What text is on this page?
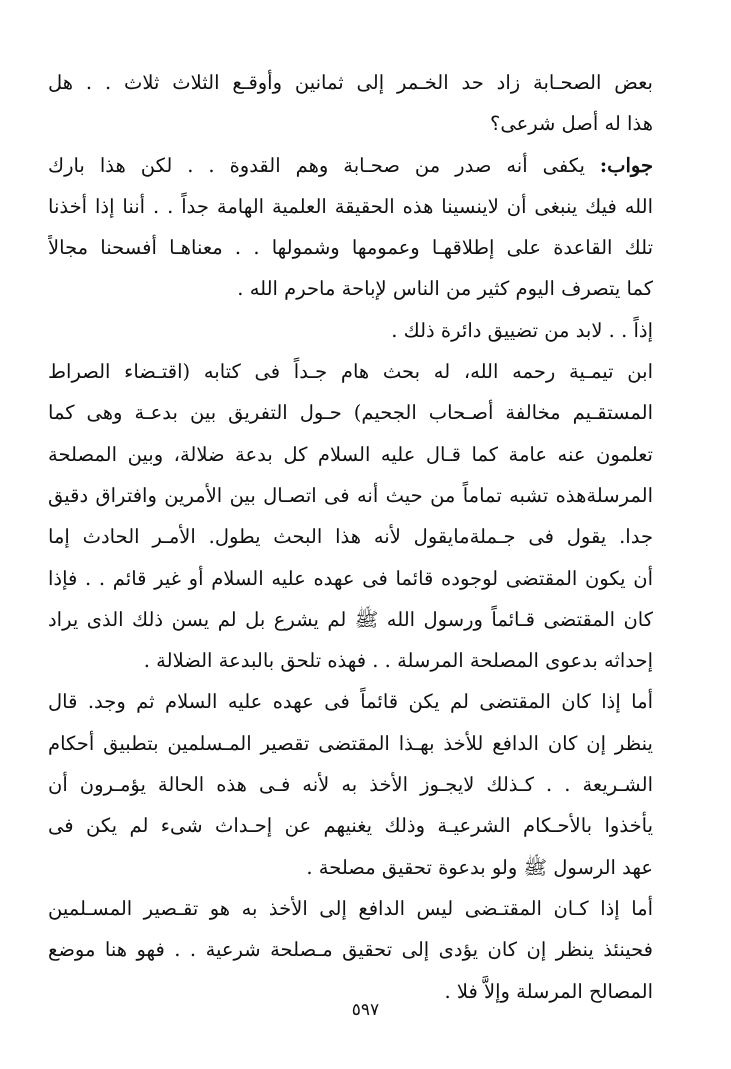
بعض الصحـابة زاد حد الخـمر إلى ثمانين وأوقـع الثلاث ثلاث . . هل
هذا له أصل شرعى؟
جواب: يكفى أنه صدر من صحـابة وهم القدوة . . لكن هذا بارك
الله فيك ينبغى أن لاينسينا هذه الحقيقة العلمية الهامة جداً . . أننا إذا أخذنا
تلك القاعدة على إطلاقهـا وعمومها وشمولها . . معناهـا أفسحنا مجالاً
كما يتصرف اليوم كثير من الناس لإباحة ماحرم الله .
إذاً . . لابد من تضييق دائرة ذلك .
ابن تيمـية رحمه الله، له بحث هام جـداً فى كتابه (اقتـضاء الصراط
المستقـيم مخالفة أصـحاب الجحيم) حـول التفريق بين بدعـة وهى كما
تعلمون عنه عامة كما قـال عليه السلام كل بدعة ضلالة، وبين المصلحة
المرسلةهذه تشبه تماماً من حيث أنه فى اتصـال بين الأمرين وافتراق دقيق
جدا. يقول فى جـملةمايقول لأنه هذا البحث يطول. الأمـر الحادث إما
أن يكون المقتضى لوجوده قائما فى عهده عليه السلام أو غير قائم . . فإذا
كان المقتضى قـائماً ورسول الله ﷺ لم يشرع بل لم يسن ذلك الذى يراد
إحداثه بدعوى المصلحة المرسلة . . فهذه تلحق بالبدعة الضلالة .
أما إذا كان المقتضى لم يكن قائماً فى عهده عليه السلام ثم وجد. قال
ينظر إن كان الدافع للأخذ بهـذا المقتضى تقصير المـسلمين بتطبيق أحكام
الشـريعة . . كـذلك لايجـوز الأخذ به لأنه فـى هذه الحالة يؤمـرون أن
يأخذوا بالأحـكام الشرعيـة وذلك يغنيهم عن إحـداث شىء لم يكن فى
عهد الرسول ﷺ ولو بدعوة تحقيق مصلحة .
أما إذا كـان المقتـضى ليس الدافع إلى الأخذ به هو تقـصير المسـلمين
فحينئذ ينظر إن كان يؤدى إلى تحقيق مـصلحة شرعية . . فهو هنا موضع
المصالح المرسلة وإلاَّ فلا .
٥٩٧
